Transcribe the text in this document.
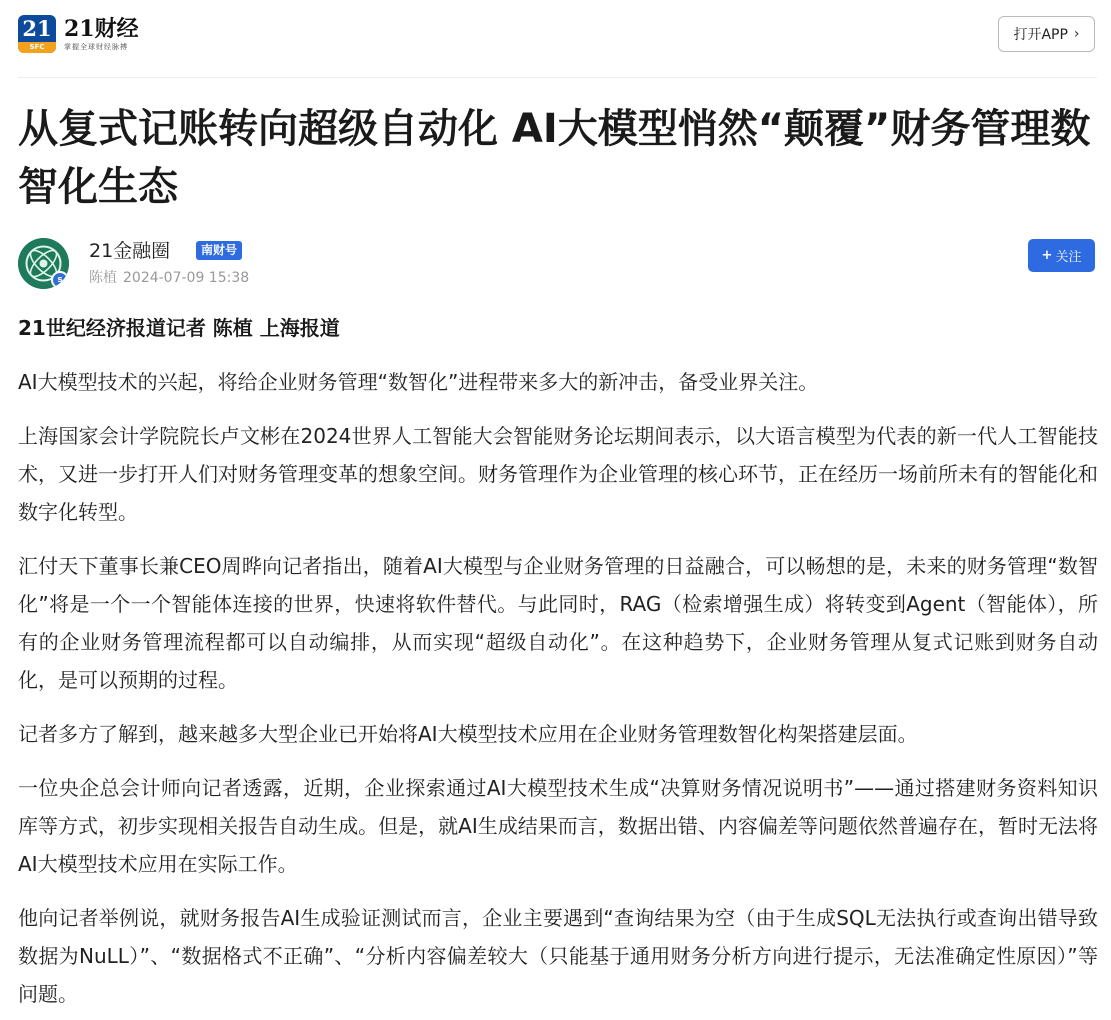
21
SFC
21财经
掌握全球财经脉搏
打开APP ›
从复式记账转向超级自动化 AI大模型悄然“颠覆”财务管理数智化生态
s
21金融圈	南财号
陈植 2024-07-09 15:38
+ 关注

21世纪经济报道记者 陈植 上海报道

AI大模型技术的兴起，将给企业财务管理“数智化”进程带来多大的新冲击，备受业界关注。

上海国家会计学院院长卢文彬在2024世界人工智能大会智能财务论坛期间表示，以大语言模型为代表的新一代人工智能技术，又进一步打开人们对财务管理变革的想象空间。财务管理作为企业管理的核心环节，正在经历一场前所未有的智能化和数字化转型。

汇付天下董事长兼CEO周晔向记者指出，随着AI大模型与企业财务管理的日益融合，可以畅想的是，未来的财务管理“数智化”将是一个一个智能体连接的世界，快速将软件替代。与此同时，RAG（检索增强生成）将转变到Agent（智能体），所有的企业财务管理流程都可以自动编排，从而实现“超级自动化”。在这种趋势下，企业财务管理从复式记账到财务自动化，是可以预期的过程。

记者多方了解到，越来越多大型企业已开始将AI大模型技术应用在企业财务管理数智化构架搭建层面。

一位央企总会计师向记者透露，近期，企业探索通过AI大模型技术生成“决算财务情况说明书”——通过搭建财务资料知识库等方式，初步实现相关报告自动生成。但是，就AI生成结果而言，数据出错、内容偏差等问题依然普遍存在，暂时无法将AI大模型技术应用在实际工作。

他向记者举例说，就财务报告AI生成验证测试而言，企业主要遇到“查询结果为空（由于生成SQL无法执行或查询出错导致数据为NuLL）”、“数据格式不正确”、“分析内容偏差较大（只能基于通用财务分析方向进行提示，无法准确定性原因）”等问题。
